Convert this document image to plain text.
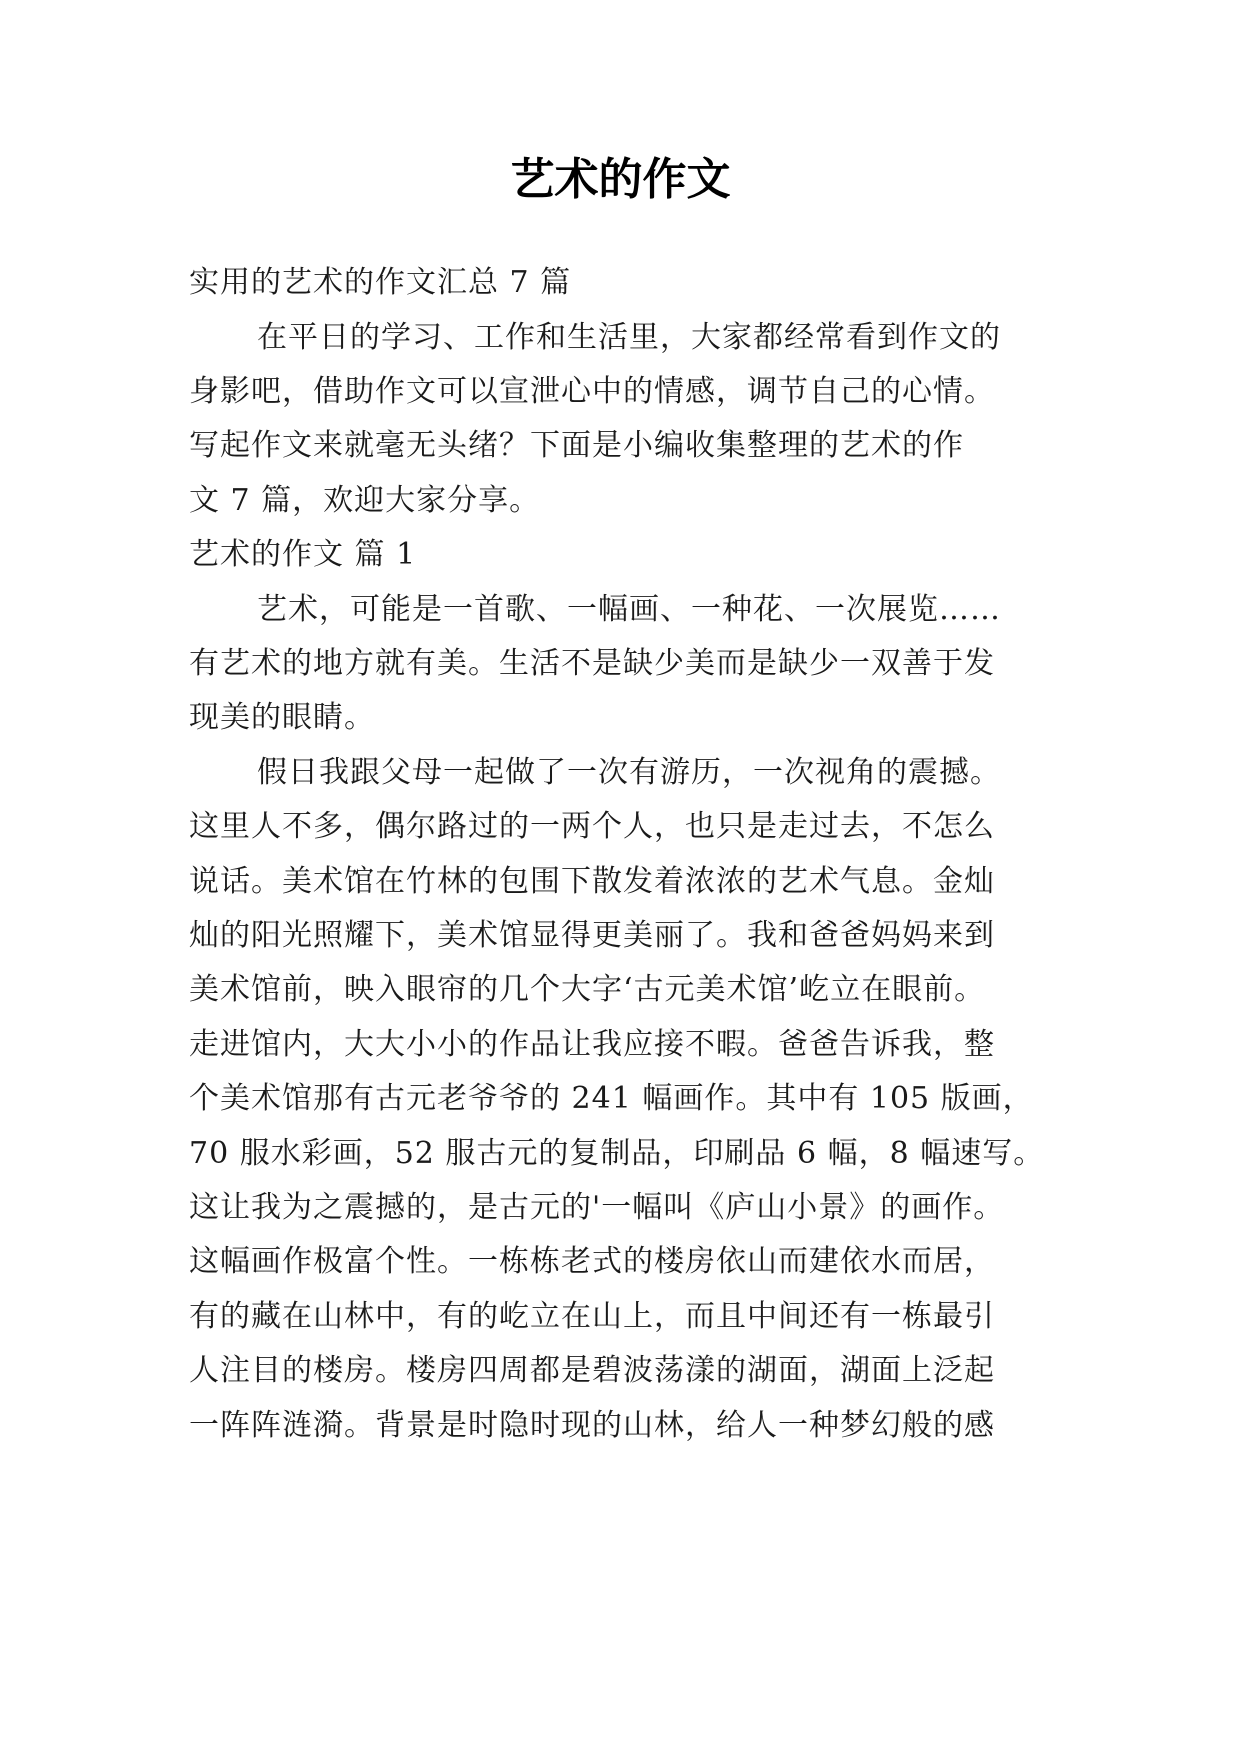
艺术的作文
实用的艺术的作文汇总 7 篇
在平日的学习、工作和生活里，大家都经常看到作文的
身影吧，借助作文可以宣泄心中的情感，调节自己的心情。
写起作文来就毫无头绪？下面是小编收集整理的艺术的作
文 7 篇，欢迎大家分享。
艺术的作文 篇 1
艺术，可能是一首歌、一幅画、一种花、一次展览……
有艺术的地方就有美。生活不是缺少美而是缺少一双善于发
现美的眼睛。
假日我跟父母一起做了一次有游历，一次视角的震撼。
这里人不多，偶尔路过的一两个人，也只是走过去，不怎么
说话。美术馆在竹林的包围下散发着浓浓的艺术气息。金灿
灿的阳光照耀下，美术馆显得更美丽了。我和爸爸妈妈来到
美术馆前，映入眼帘的几个大字‘古元美术馆’屹立在眼前。
走进馆内，大大小小的作品让我应接不暇。爸爸告诉我，整
个美术馆那有古元老爷爷的 241 幅画作。其中有 105 版画，
70 服水彩画，52 服古元的复制品，印刷品 6 幅，8 幅速写。
这让我为之震撼的，是古元的'一幅叫《庐山小景》的画作。
这幅画作极富个性。一栋栋老式的楼房依山而建依水而居，
有的藏在山林中，有的屹立在山上，而且中间还有一栋最引
人注目的楼房。楼房四周都是碧波荡漾的湖面，湖面上泛起
一阵阵涟漪。背景是时隐时现的山林，给人一种梦幻般的感
